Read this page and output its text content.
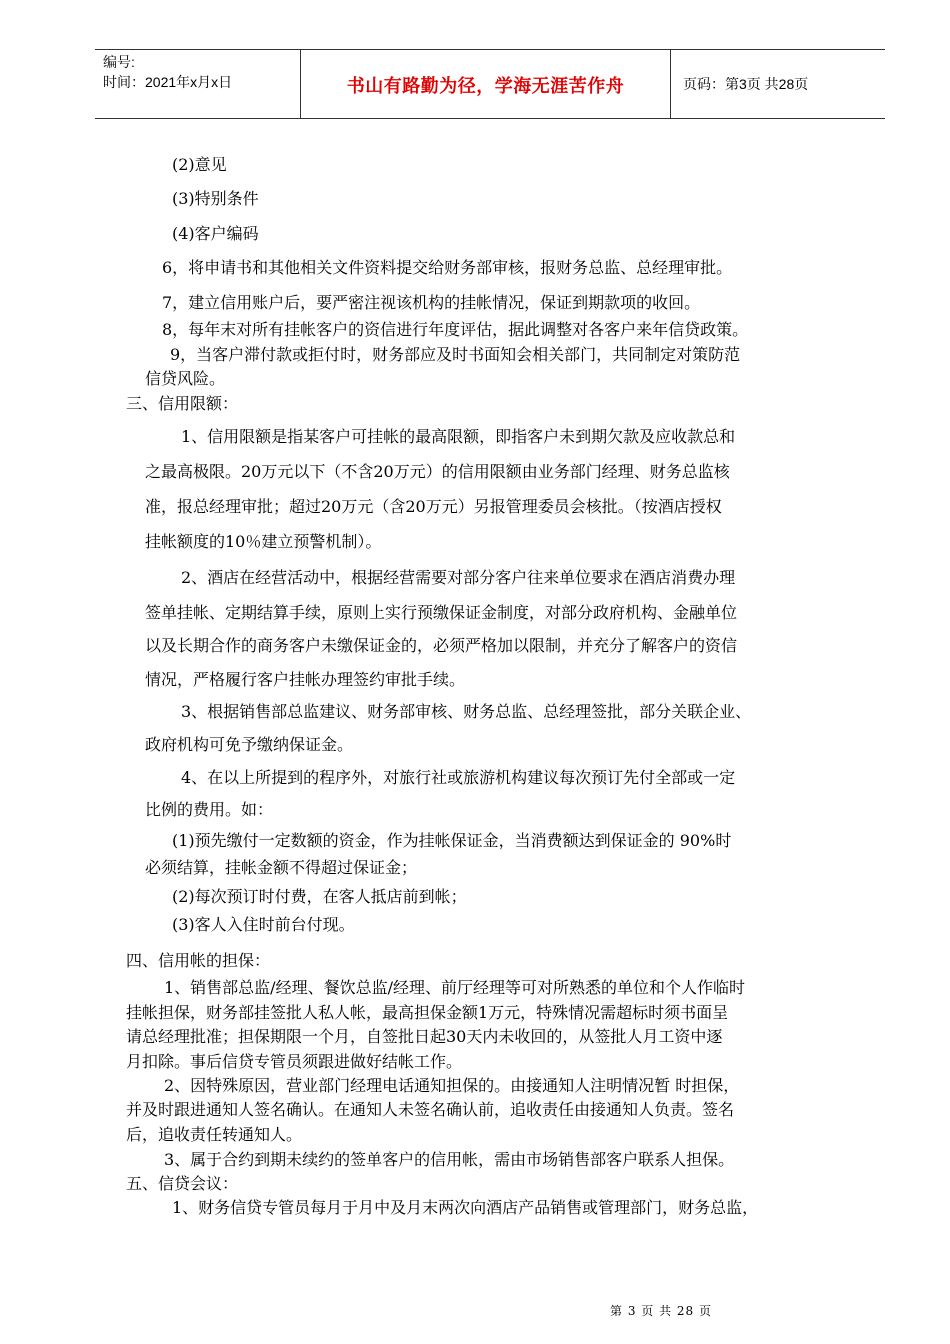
编号:
时间：2021年x月x日	书山有路勤为径，学海无涯苦作舟	页码：第3页 共28页
(2)意见
(3)特别条件
(4)客户编码
6，将申请书和其他相关文件资料提交给财务部审核，报财务总监、总经理审批。
7，建立信用账户后，要严密注视该机构的挂帐情况，保证到期款项的收回。
8，每年末对所有挂帐客户的资信进行年度评估，据此调整对各客户来年信贷政策。
9，当客户滞付款或拒付时，财务部应及时书面知会相关部门，共同制定对策防范
信贷风险。
三、信用限额：
1、信用限额是指某客户可挂帐的最高限额，即指客户未到期欠款及应收款总和
之最高极限。20万元以下（不含20万元）的信用限额由业务部门经理、财务总监核
准，报总经理审批；超过20万元（含20万元）另报管理委员会核批。（按酒店授权
挂帐额度的10％建立预警机制）。
2、酒店在经营活动中，根据经营需要对部分客户往来单位要求在酒店消费办理
签单挂帐、定期结算手续，原则上实行预缴保证金制度，对部分政府机构、金融单位
以及长期合作的商务客户未缴保证金的，必须严格加以限制，并充分了解客户的资信
情况，严格履行客户挂帐办理签约审批手续。
3、根据销售部总监建议、财务部审核、财务总监、总经理签批，部分关联企业、
政府机构可免予缴纳保证金。
4、在以上所提到的程序外，对旅行社或旅游机构建议每次预订先付全部或一定
比例的费用。如：
(1)预先缴付一定数额的资金，作为挂帐保证金，当消费额达到保证金的 90%时
必须结算，挂帐金额不得超过保证金；
(2)每次预订时付费，在客人抵店前到帐；
(3)客人入住时前台付现。
四、信用帐的担保：
1、销售部总监/经理、餐饮总监/经理、前厅经理等可对所熟悉的单位和个人作临时
挂帐担保，财务部挂签批人私人帐，最高担保金额1万元，特殊情况需超标时须书面呈
请总经理批准；担保期限一个月，自签批日起30天内未收回的，从签批人月工资中逐
月扣除。事后信贷专管员须跟进做好结帐工作。
2、因特殊原因，营业部门经理电话通知担保的。由接通知人注明情况暂 时担保，
并及时跟进通知人签名确认。在通知人未签名确认前，追收责任由接通知人负责。签名
后，追收责任转通知人。
3、属于合约到期未续约的签单客户的信用帐，需由市场销售部客户联系人担保。
五、信贷会议：
1、财务信贷专管员每月于月中及月末两次向酒店产品销售或管理部门，财务总监，
第 3 页 共 28 页
